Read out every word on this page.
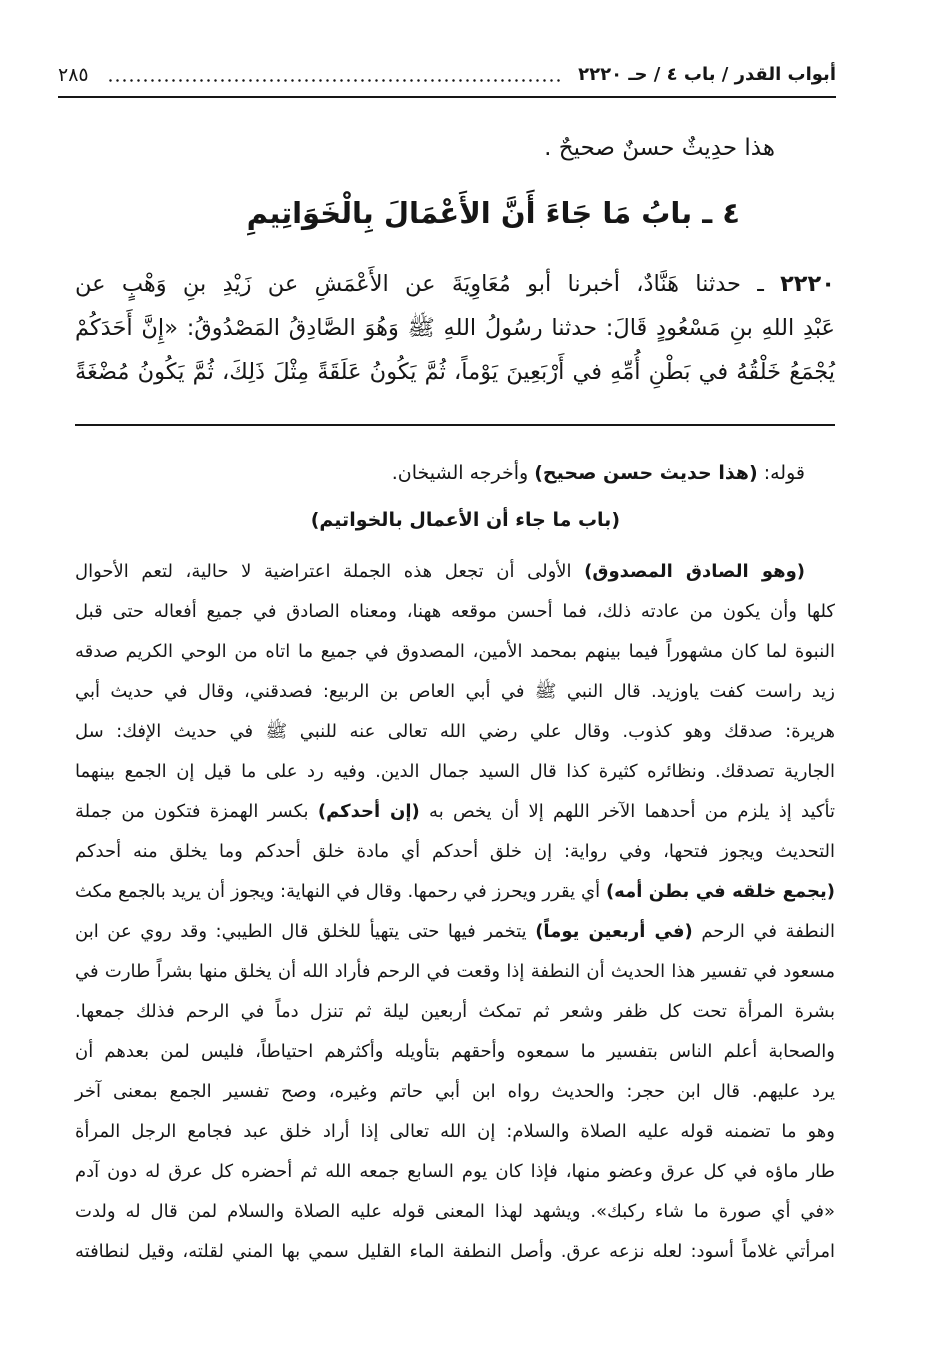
أبواب القدر / باب ٤ / حـ ٢٢٢٠
٢٨٥
هذا حدِيثٌ حسنٌ صحيحٌ .
٤ ـ بابُ مَا جَاءَ أَنَّ الأَعْمَالَ بِالْخَوَاتِيمِ
٢٢٢٠ ـ حدثنا هَنَّادٌ، أخبرنا أبو مُعَاوِيَةَ عن الأَعْمَشِ عن زَيْدِ بنِ وَهْبٍ عن
عَبْدِ اللهِ بنِ مَسْعُودٍ قَالَ: حدثنا رسُولُ اللهِ ﷺ وَهُوَ الصَّادِقُ المَصْدُوقُ: «إِنَّ أَحَدَكُمْ
يُجْمَعُ خَلْقُهُ في بَطْنِ أُمِّهِ في أَرْبَعِينَ يَوْماً، ثُمَّ يَكُونُ عَلَقَةً مِثْلَ ذَلِكَ، ثُمَّ يَكُونُ مُضْغَةً
قوله: (هذا حديث حسن صحيح) وأخرجه الشيخان.
(باب ما جاء أن الأعمال بالخواتيم)
(وهو الصادق المصدوق) الأولى أن تجعل هذه الجملة اعتراضية لا حالية، لتعم الأحوال
كلها وأن يكون من عادته ذلك، فما أحسن موقعه ههنا، ومعناه الصادق في جميع أفعاله حتى قبل
النبوة لما كان مشهوراً فيما بينهم بمحمد الأمين، المصدوق في جميع ما اتاه من الوحي الكريم صدقه
زيد راست كفت ياوزيد. قال النبي ﷺ في أبي العاص بن الربيع: فصدقني، وقال في حديث أبي
هريرة: صدقك وهو كذوب. وقال علي رضي الله تعالى عنه للنبي ﷺ في حديث الإفك: سل
الجارية تصدقك. ونظائره كثيرة كذا قال السيد جمال الدين. وفيه رد على ما قيل إن الجمع بينهما
تأكيد إذ يلزم من أحدهما الآخر اللهم إلا أن يخص به (إن أحدكم) بكسر الهمزة فتكون من جملة
التحديث ويجوز فتحها، وفي رواية: إن خلق أحدكم أي مادة خلق أحدكم وما يخلق منه أحدكم
(يجمع خلقه في بطن أمه) أي يقرر ويحرز في رحمها. وقال في النهاية: ويجوز أن يريد بالجمع مكث
النطفة في الرحم (في أربعين يوماً) يتخمر فيها حتى يتهيأ للخلق قال الطيبي: وقد روي عن ابن
مسعود في تفسير هذا الحديث أن النطفة إذا وقعت في الرحم فأراد الله أن يخلق منها بشراً طارت في
بشرة المرأة تحت كل ظفر وشعر ثم تمكث أربعين ليلة ثم تنزل دماً في الرحم فذلك جمعها.
والصحابة أعلم الناس بتفسير ما سمعوه وأحقهم بتأويله وأكثرهم احتياطاً، فليس لمن بعدهم أن
يرد عليهم. قال ابن حجر: والحديث رواه ابن أبي حاتم وغيره، وصح تفسير الجمع بمعنى آخر
وهو ما تضمنه قوله عليه الصلاة والسلام: إن الله تعالى إذا أراد خلق عبد فجامع الرجل المرأة
طار ماؤه في كل عرق وعضو منها، فإذا كان يوم السابع جمعه الله ثم أحضره كل عرق له دون آدم
«في أي صورة ما شاء ركبك». ويشهد لهذا المعنى قوله عليه الصلاة والسلام لمن قال له ولدت
امرأتي غلاماً أسود: لعله نزعه عرق. وأصل النطفة الماء القليل سمي بها المني لقلته، وقيل لنطافته
